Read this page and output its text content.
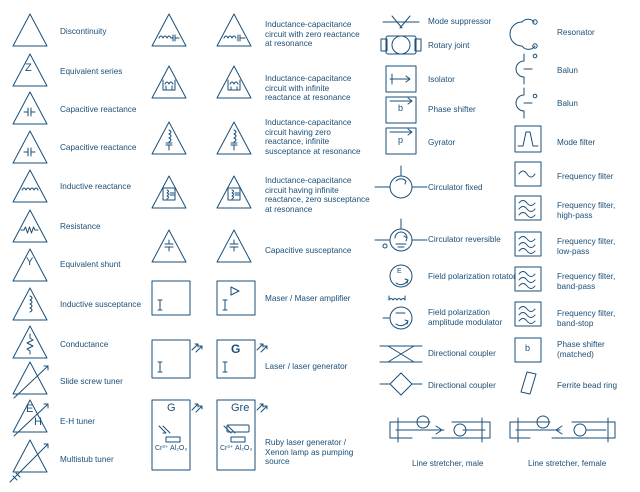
Z
Y
E
H
G
G	Gre
Cr³⁺ Al₂O₃	Cr³⁺ Al₂O₃
b
p
E
b
Discontinuity
Equivalent series
Capacitive reactance
Capacitive reactance
Inductive reactance
Resistance
Equivalent shunt
Inductive susceptance
Conductance
Slide screw tuner
E-H tuner
Multistub tuner
Inductance-capacitance
circuit with zero reactance
at resonance
Inductance-capacitance
circuit with infinite
reactance at resonance
Inductance-capacitance
circuit having zero
reactance, infinite
susceptance at resonance
Inductance-capacitance
circuit having infinite
reactance, zero susceptance
at resonance
Capacitive susceptance
Maser / Maser amplifier
Laser / laser generator
Ruby laser generator /
Xenon lamp as pumping
source
Mode suppressor
Rotary joint
Isolator
Phase shifter
Gyrator
Circulator fixed
Circulator reversible
Field polarization rotator
Field polarization
amplitude modulator
Directional coupler
Directional coupler
Line stretcher, male
Resonator
Balun
Balun
Mode filter
Frequency filter
Frequency filter,
high-pass
Frequency filter,
low-pass
Frequency filter,
band-pass
Frequency filter,
band-stop
Phase shifter
(matched)
Ferrite bead ring
Line stretcher, female
